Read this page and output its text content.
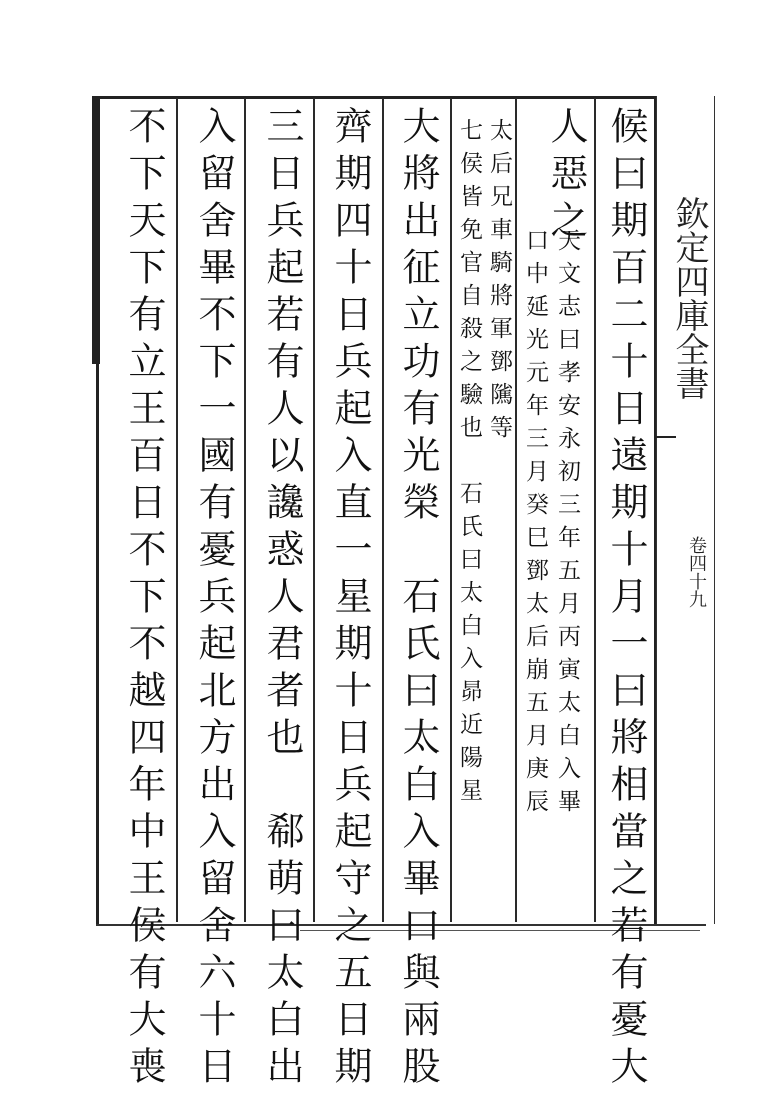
欽定四庫全書
卷四十九
候曰期百二十日遠期十月一曰將相當之若有憂大
人惡之
天文志曰孝安永初三年五月丙寅太白入畢
口中延光元年三月癸巳鄧太后崩五月庚辰
太后兄車騎將軍鄧隲等
七侯皆免官自殺之驗也　石氏曰太白入昴近陽星
大將出征立功有光榮　石氏曰太白入畢口與兩股
齊期四十日兵起入直一星期十日兵起守之五日期
三日兵起若有人以讒惑人君者也　郗萌曰太白出
入留舍畢不下一國有憂兵起北方出入留舍六十日
不下天下有立王百日不下不越四年中王侯有大喪
